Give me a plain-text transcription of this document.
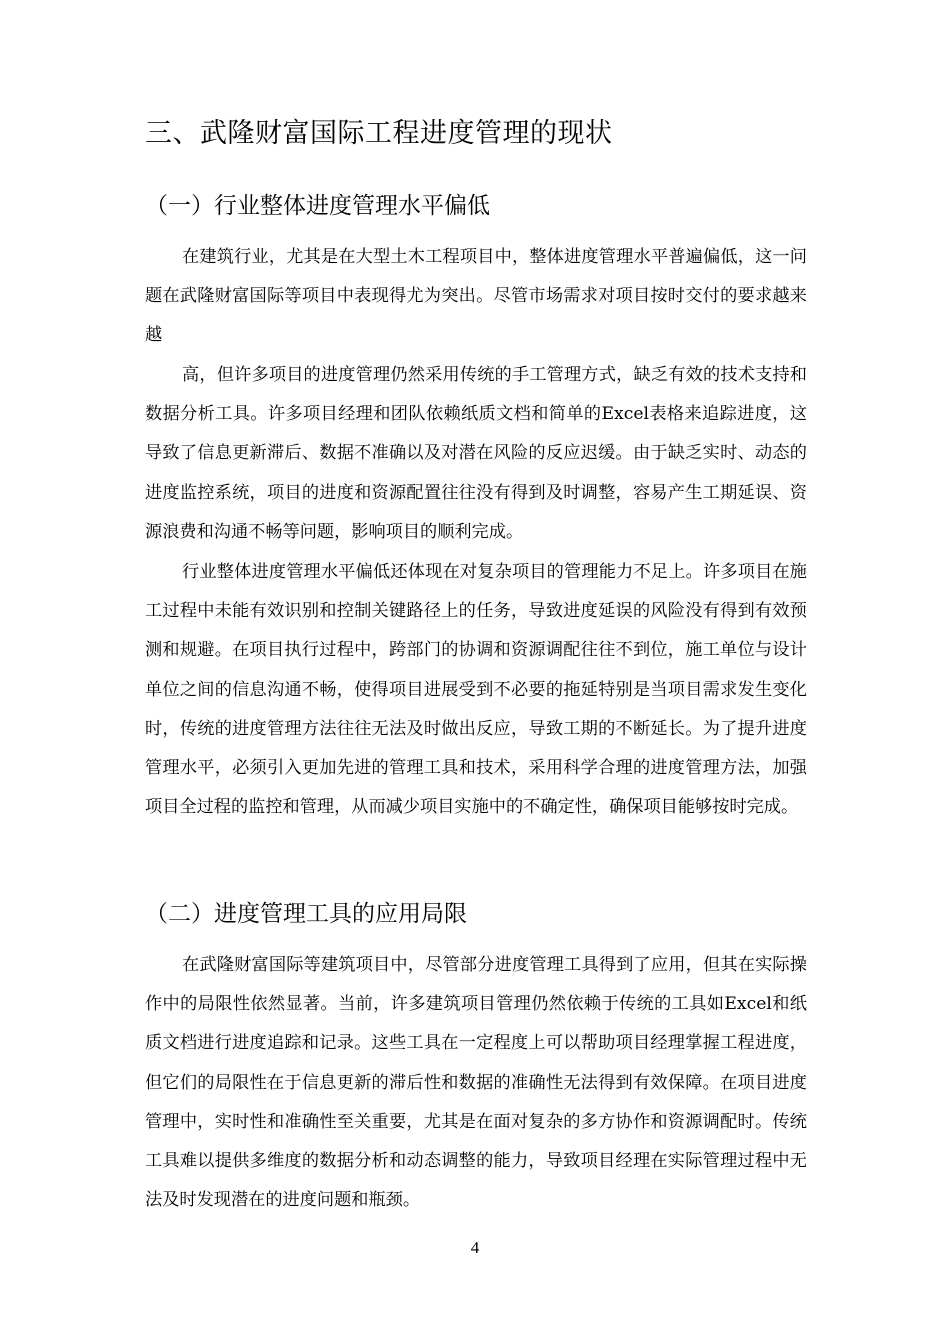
三、武隆财富国际工程进度管理的现状
（一）行业整体进度管理水平偏低

在建筑行业，尤其是在大型土木工程项目中，整体进度管理水平普遍偏低，这一问题在武隆财富国际等项目中表现得尤为突出。尽管市场需求对项目按时交付的要求越来越

高，但许多项目的进度管理仍然采用传统的手工管理方式，缺乏有效的技术支持和数据分析工具。许多项目经理和团队依赖纸质文档和简单的Excel表格来追踪进度，这导致了信息更新滞后、数据不准确以及对潜在风险的反应迟缓。由于缺乏实时、动态的进度监控系统，项目的进度和资源配置往往没有得到及时调整，容易产生工期延误、资源浪费和沟通不畅等问题，影响项目的顺利完成。

行业整体进度管理水平偏低还体现在对复杂项目的管理能力不足上。许多项目在施工过程中未能有效识别和控制关键路径上的任务，导致进度延误的风险没有得到有效预测和规避。在项目执行过程中，跨部门的协调和资源调配往往不到位，施工单位与设计单位之间的信息沟通不畅，使得项目进展受到不必要的拖延特别是当项目需求发生变化时，传统的进度管理方法往往无法及时做出反应，导致工期的不断延长。为了提升进度管理水平，必须引入更加先进的管理工具和技术，采用科学合理的进度管理方法，加强项目全过程的监控和管理，从而减少项目实施中的不确定性，确保项目能够按时完成。

（二）进度管理工具的应用局限

在武隆财富国际等建筑项目中，尽管部分进度管理工具得到了应用，但其在实际操作中的局限性依然显著。当前，许多建筑项目管理仍然依赖于传统的工具如Excel和纸质文档进行进度追踪和记录。这些工具在一定程度上可以帮助项目经理掌握工程进度，但它们的局限性在于信息更新的滞后性和数据的准确性无法得到有效保障。在项目进度管理中，实时性和准确性至关重要，尤其是在面对复杂的多方协作和资源调配时。传统工具难以提供多维度的数据分析和动态调整的能力，导致项目经理在实际管理过程中无法及时发现潜在的进度问题和瓶颈。

4
